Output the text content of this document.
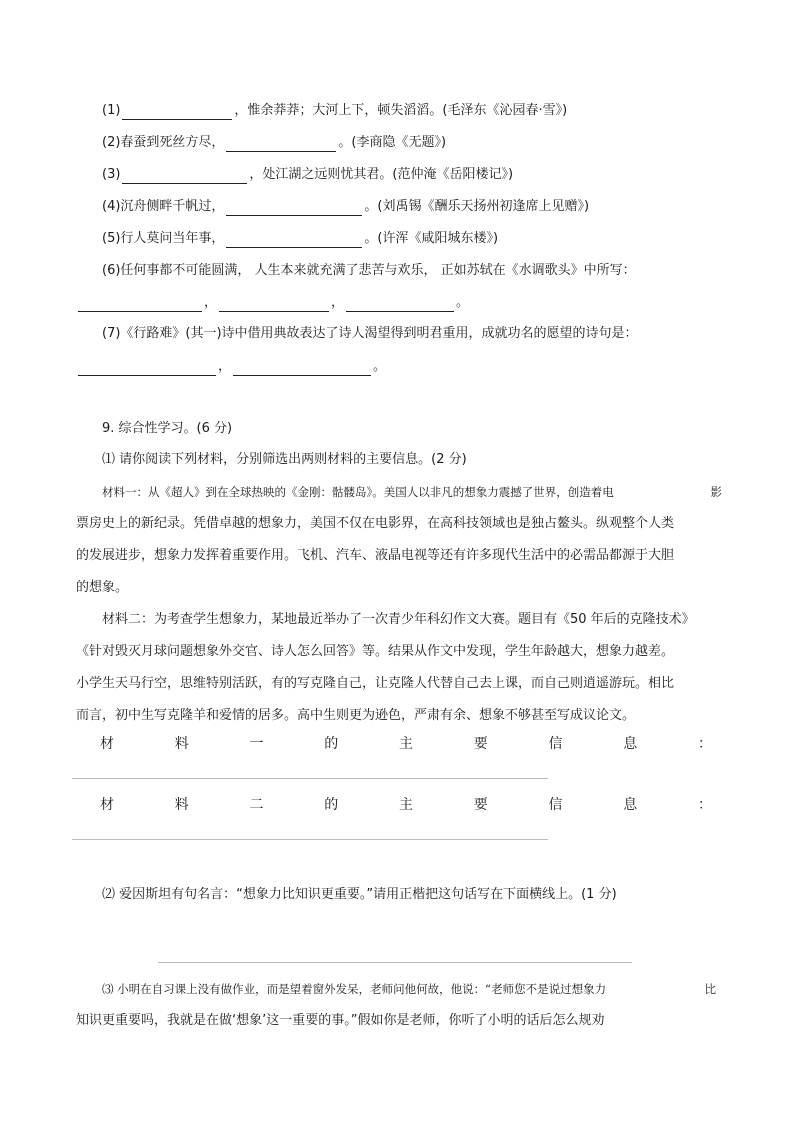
(1)	，惟余莽莽；大河上下，顿失滔滔。(毛泽东《沁园春·雪》)
(2)春蚕到死丝方尽，	。(李商隐《无题》)
(3)	，处江湖之远则忧其君。(范仲淹《岳阳楼记》)
(4)沉舟侧畔千帆过，	。(刘禹锡《酬乐天扬州初逢席上见赠》)
(5)行人莫问当年事，	。(许浑《咸阳城东楼》)
(6)任何事都不可能圆满， 人生本来就充满了悲苦与欢乐， 正如苏轼在《水调歌头》中所写：
，	，	。
(7)《行路难》(其一)诗中借用典故表达了诗人渴望得到明君重用，成就功名的愿望的诗句是：
，	。
9. 综合性学习。(6 分)
⑴ 请你阅读下列材料，分别筛选出两则材料的主要信息。(2 分)
材料一：从《超人》到在全球热映的《金刚：骷髅岛》。美国人以非凡的想象力震撼了世界，创造着电	影
票房史上的新纪录。凭借卓越的想象力，美国不仅在电影界，在高科技领域也是独占鳌头。纵观整个人类
的发展进步，想象力发挥着重要作用。飞机、汽车、液晶电视等还有许多现代生活中的必需品都源于大胆
的想象。
材料二：为考查学生想象力，某地最近举办了一次青少年科幻作文大赛。题目有《50 年后的克隆技术》
《针对毁灭月球问题想象外交官、诗人怎么回答》等。结果从作文中发现，学生年龄越大，想象力越差。
小学生天马行空，思维特别活跃，有的写克隆自己，让克隆人代替自己去上课，而自己则逍遥游玩。相比
而言，初中生写克隆羊和爱情的居多。高中生则更为逊色，严肃有余、想象不够甚至写成议论文。
材	料	一	的	主	要	信	息	：
材	料	二	的	主	要	信	息	：
⑵ 爱因斯坦有句名言：“想象力比知识更重要。”请用正楷把这句话写在下面横线上。(1 分)
⑶ 小明在自习课上没有做作业，而是望着窗外发呆，老师问他何故，他说：“老师您不是说过想象力	比
知识更重要吗，我就是在做‘想象’这一重要的事。”假如你是老师，你听了小明的话后怎么规劝
